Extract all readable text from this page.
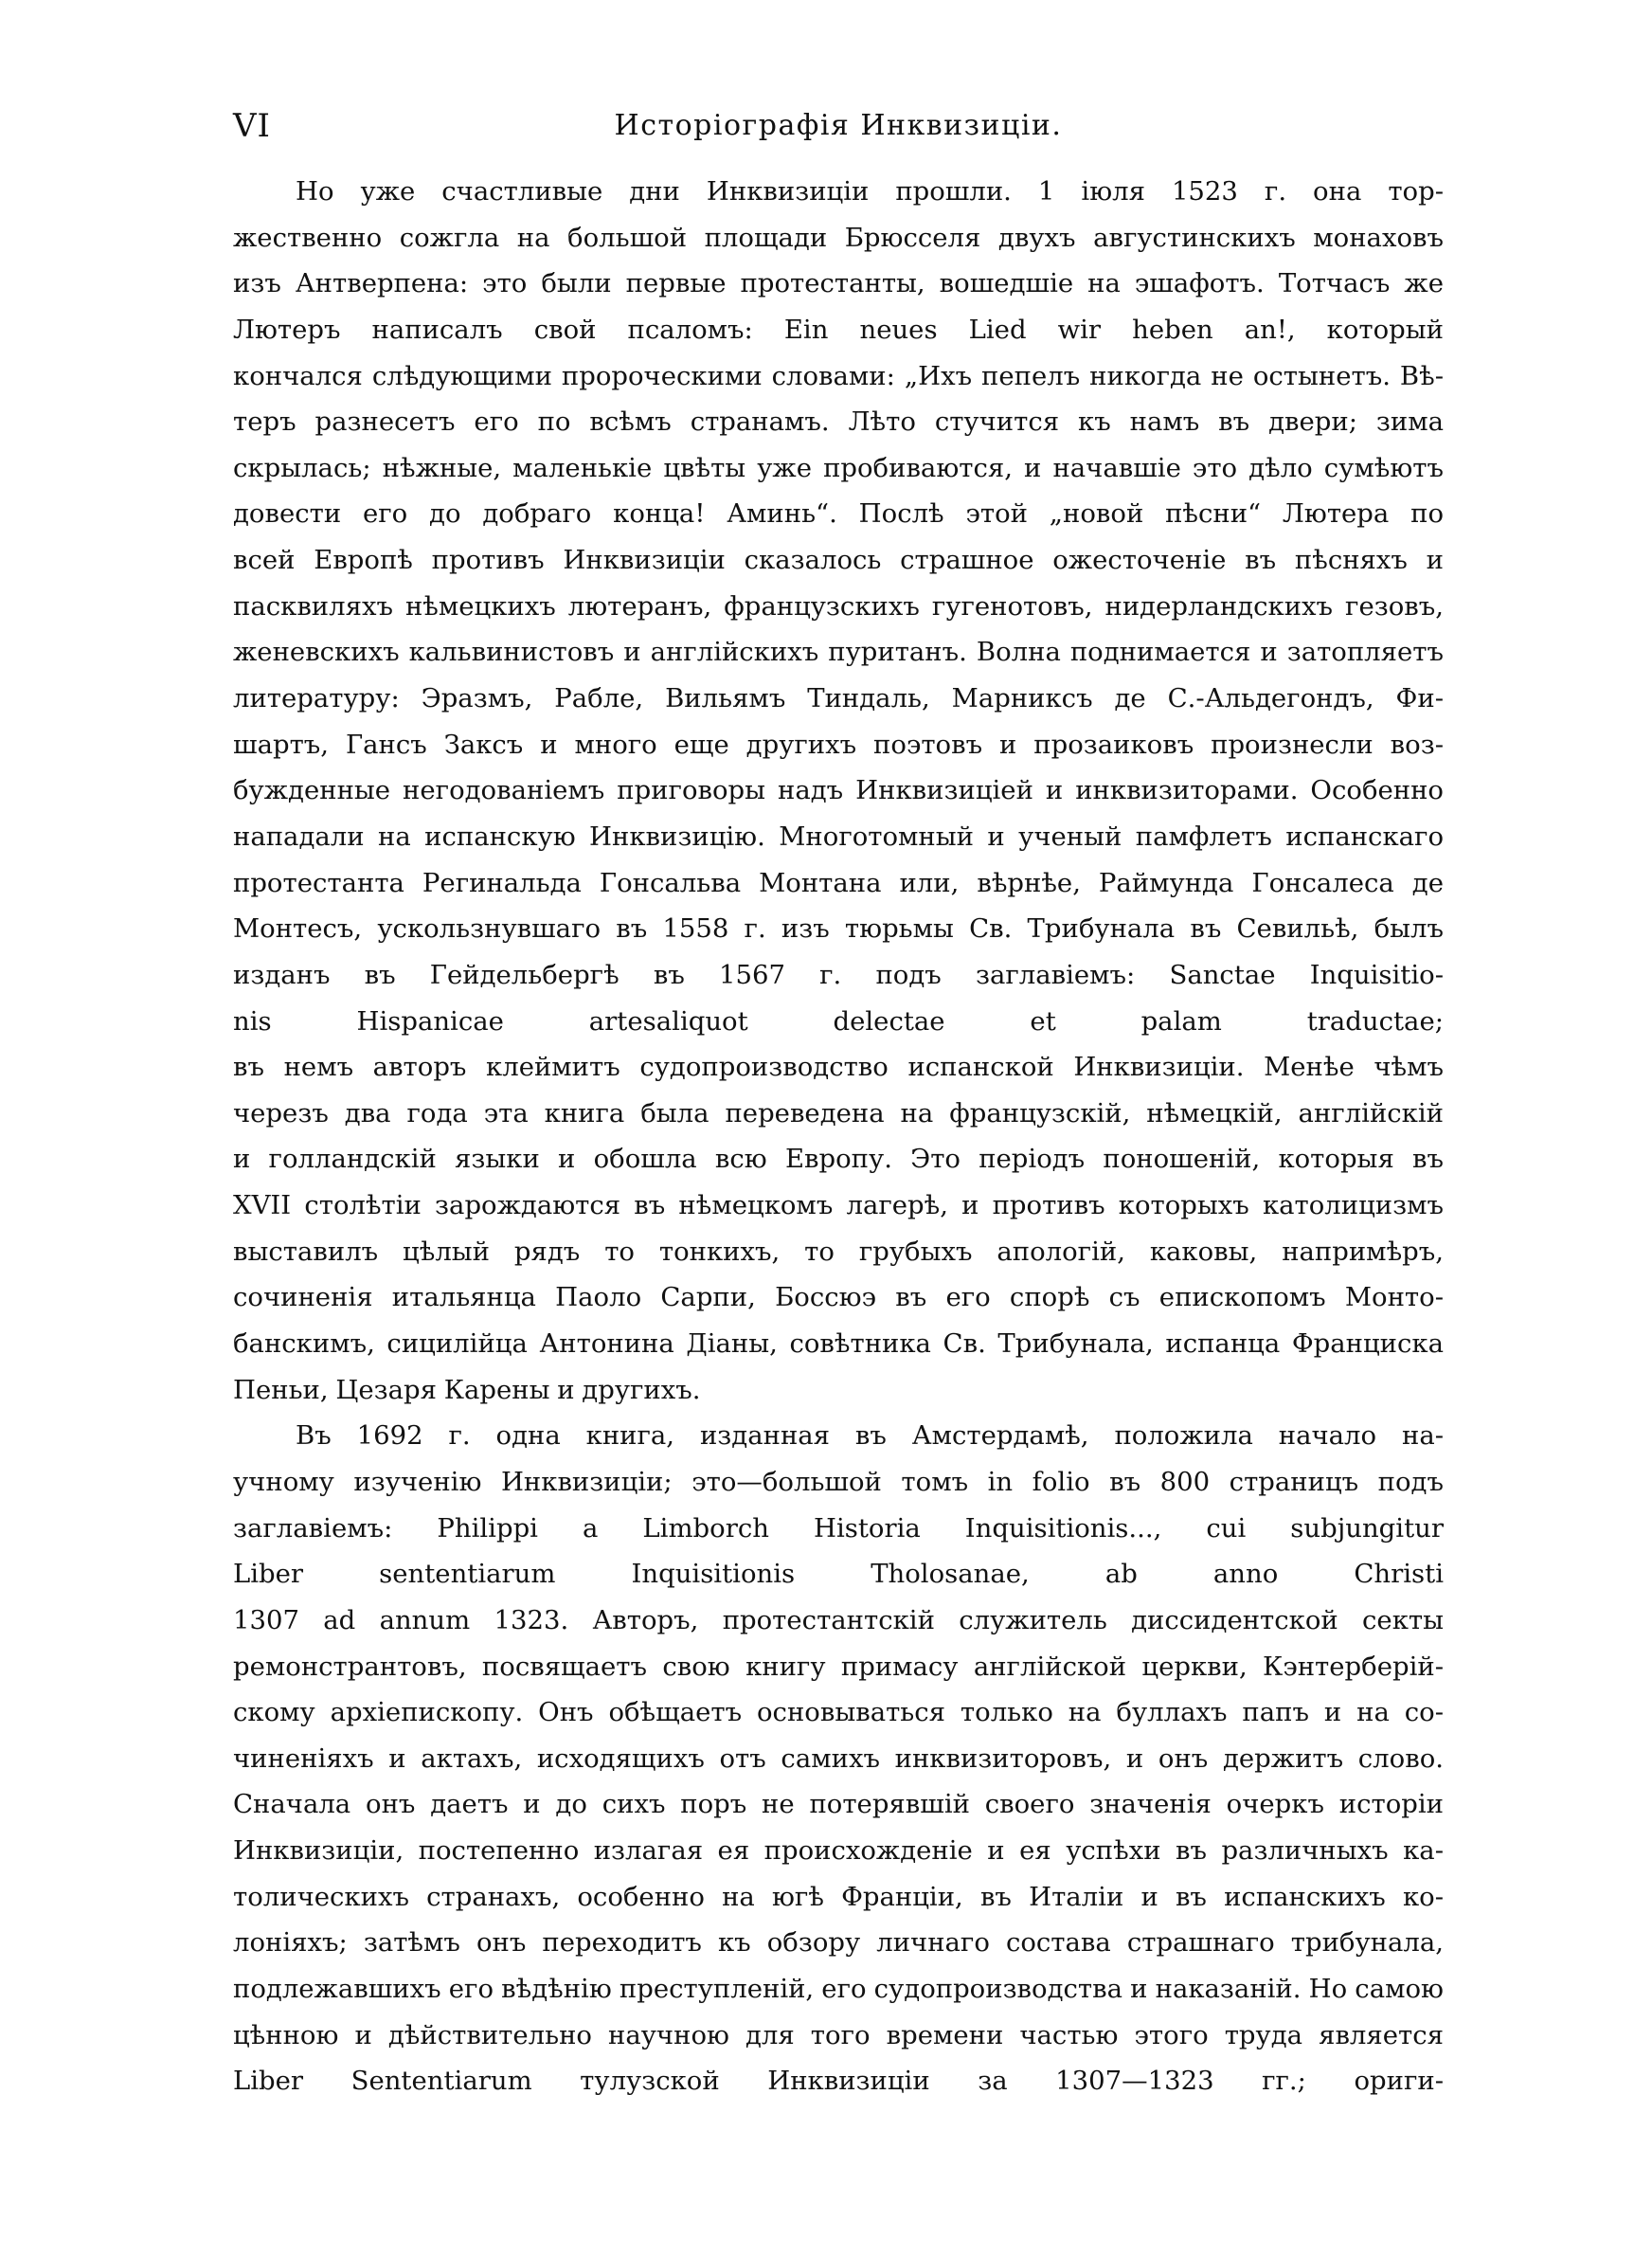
VI	Исторіографія Инквизиціи.
Но уже счастливые дни Инквизиціи прошли. 1 іюля 1523 г. она тор-
жественно сожгла на большой площади Брюсселя двухъ августинскихъ монаховъ
изъ Антверпена: это были первые протестанты, вошедшіе на эшафотъ. Тотчасъ же
Лютеръ написалъ свой псаломъ: Ein neues Lied wir heben an!, который
кончался слѣдующими пророческими словами: „Ихъ пепелъ никогда не остынетъ. Вѣ-
теръ разнесетъ его по всѣмъ странамъ. Лѣто стучится къ намъ въ двери; зима
скрылась; нѣжные, маленькіе цвѣты уже пробиваются, и начавшіе это дѣло сумѣютъ
довести его до добраго конца! Аминь“. Послѣ этой „новой пѣсни“ Лютера по
всей Европѣ противъ Инквизиціи сказалось страшное ожесточеніе въ пѣсняхъ и
пасквиляхъ нѣмецкихъ лютеранъ, французскихъ гугенотовъ, нидерландскихъ гезовъ,
женевскихъ кальвинистовъ и англійскихъ пуританъ. Волна поднимается и затопляетъ
литературу: Эразмъ, Рабле, Вильямъ Тиндаль, Марниксъ де С.-Альдегондъ, Фи-
шартъ, Гансъ Заксъ и много еще другихъ поэтовъ и прозаиковъ произнесли воз-
бужденные негодованіемъ приговоры надъ Инквизиціей и инквизиторами. Особенно
нападали на испанскую Инквизицію. Многотомный и ученый памфлетъ испанскаго
протестанта Регинальда Гонсальва Монтана или, вѣрнѣе, Раймунда Гонсалеса де
Монтесъ, ускользнувшаго въ 1558 г. изъ тюрьмы Св. Трибунала въ Севильѣ, былъ
изданъ въ Гейдельбергѣ въ 1567 г. подъ заглавіемъ: Sanctae Inquisitio-
nis Hispanicae artesaliquot delectae et palam traductae;
въ немъ авторъ клеймитъ судопроизводство испанской Инквизиціи. Менѣе чѣмъ
черезъ два года эта книга была переведена на французскій, нѣмецкій, англійскій
и голландскій языки и обошла всю Европу. Это періодъ поношеній, которыя въ
XVII столѣтіи зарождаются въ нѣмецкомъ лагерѣ, и противъ которыхъ католицизмъ
выставилъ цѣлый рядъ то тонкихъ, то грубыхъ апологій, каковы, напримѣръ,
сочиненія итальянца Паоло Сарпи, Боссюэ въ его спорѣ съ епископомъ Монто-
банскимъ, сицилійца Антонина Діаны, совѣтника Св. Трибунала, испанца Франциска
Пеньи, Цезаря Карены и другихъ.
Въ 1692 г. одна книга, изданная въ Амстердамѣ, положила начало на-
учному изученію Инквизиціи; это—большой томъ in folio въ 800 страницъ подъ
заглавіемъ: Philippi a Limborch Historia Inquisitionis..., cui subjungitur
Liber sententiarum Inquisitionis Tholosanae, ab anno Christi
1307 ad annum 1323. Авторъ, протестантскій служитель диссидентской секты
ремонстрантовъ, посвящаетъ свою книгу примасу англійской церкви, Кэнтерберій-
скому архіепископу. Онъ обѣщаетъ основываться только на буллахъ папъ и на со-
чиненіяхъ и актахъ, исходящихъ отъ самихъ инквизиторовъ, и онъ держитъ слово.
Сначала онъ даетъ и до сихъ поръ не потерявшій своего значенія очеркъ исторіи
Инквизиціи, постепенно излагая ея происхожденіе и ея успѣхи въ различныхъ ка-
толическихъ странахъ, особенно на югѣ Франціи, въ Италіи и въ испанскихъ ко-
лоніяхъ; затѣмъ онъ переходитъ къ обзору личнаго состава страшнаго трибунала,
подлежавшихъ его вѣдѣнію преступленій, его судопроизводства и наказаній. Но самою
цѣнною и дѣйствительно научною для того времени частью этого труда является
Liber Sententiarum тулузской Инквизиціи за 1307—1323 гг.; ориги-
